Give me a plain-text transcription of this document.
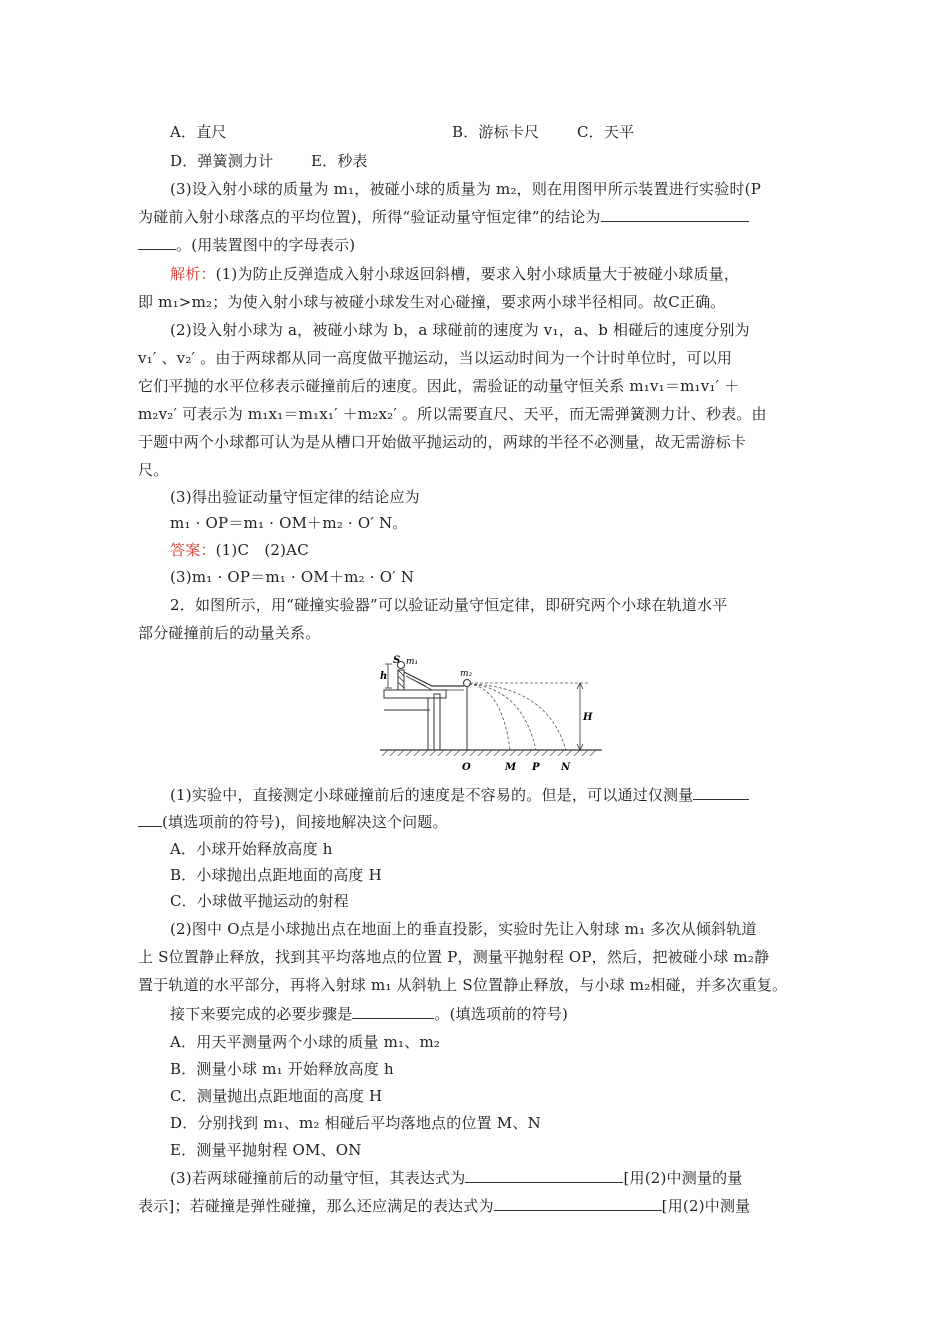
A．直尺	B．游标卡尺	C．天平
D．弹簧测力计	E．秒表
(3)设入射小球的质量为 m₁，被碰小球的质量为 m₂，则在用图甲所示装置进行实验时(P
为碰前入射小球落点的平均位置)，所得“验证动量守恒定律”的结论为
。(用装置图中的字母表示)
解析：(1)为防止反弹造成入射小球返回斜槽，要求入射小球质量大于被碰小球质量，
即 m₁>m₂；为使入射小球与被碰小球发生对心碰撞，要求两小球半径相同。故C正确。
(2)设入射小球为 a，被碰小球为 b，a 球碰前的速度为 v₁，a、b 相碰后的速度分别为
v₁′ 、v₂′ 。由于两球都从同一高度做平抛运动，当以运动时间为一个计时单位时，可以用
它们平抛的水平位移表示碰撞前后的速度。因此，需验证的动量守恒关系 m₁v₁＝m₁v₁′ ＋
m₂v₂′ 可表示为 m₁x₁＝m₁x₁′ ＋m₂x₂′ 。所以需要直尺、天平，而无需弹簧测力计、秒表。由
于题中两个小球都可认为是从槽口开始做平抛运动的，两球的半径不必测量，故无需游标卡
尺。
(3)得出验证动量守恒定律的结论应为
m₁ · OP＝m₁ · OM＋m₂ · O′ N。
答案：(1)C　(2)AC
(3)m₁ · OP＝m₁ · OM＋m₂ · O′ N
2．如图所示，用“碰撞实验器”可以验证动量守恒定律，即研究两个小球在轨道水平
部分碰撞前后的动量关系。
S m₁
m₂
h
H
O	M P N
(1)实验中，直接测定小球碰撞前后的速度是不容易的。但是，可以通过仅测量
(填选项前的符号)，间接地解决这个问题。
A．小球开始释放高度 h
B．小球抛出点距地面的高度 H
C．小球做平抛运动的射程
(2)图中 O点是小球抛出点在地面上的垂直投影，实验时先让入射球 m₁ 多次从倾斜轨道
上 S位置静止释放，找到其平均落地点的位置 P，测量平抛射程 OP，然后，把被碰小球 m₂静
置于轨道的水平部分，再将入射球 m₁ 从斜轨上 S位置静止释放，与小球 m₂相碰，并多次重复。
接下来要完成的必要步骤是	。(填选项前的符号)
A．用天平测量两个小球的质量 m₁、m₂
B．测量小球 m₁ 开始释放高度 h
C．测量抛出点距地面的高度 H
D．分别找到 m₁、m₂ 相碰后平均落地点的位置 M、N
E．测量平抛射程 OM、ON
(3)若两球碰撞前后的动量守恒，其表达式为	[用(2)中测量的量
表示]；若碰撞是弹性碰撞，那么还应满足的表达式为	[用(2)中测量
